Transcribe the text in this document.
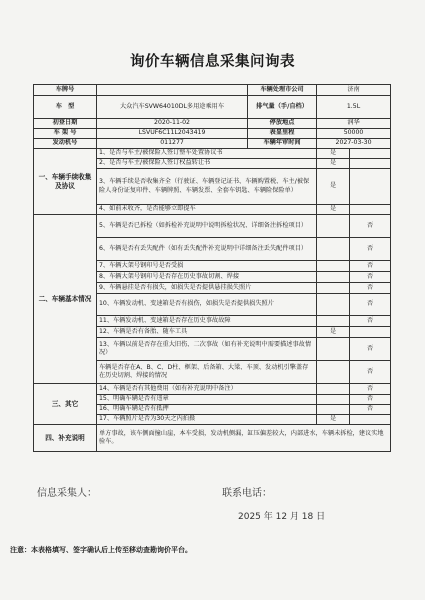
询价车辆信息采集问询表
车牌号		车辆处理市公司	济南	
车　型	大众汽车SVW64010DL多用途乘用车	排气量（手/自档）	1.5L	
初登日期	2020-11-02	停放地点	润华	
车 架 号	LSVUF6C11L2043419	表显里程	50000	
发动机号	011277	车辆年审时间	2027-03-30	
一、车辆手续收集及协议	1、是否与车主/被保险人签订整车处置协议书		是	
	2、是否与车主/被保险人签订权益转让书		是	
	3、车辆手续是否收集齐全（行驶证、车辆登记证书、车辆购置税、车主/被保险人身份证复印件、车辆牌照、车辆发票、全套车钥匙、车辆险保险单）		是	
	4、如前未收齐，是否能够立即提车		是	
二、车辆基本情况	5、车辆是否已拆检（如拆检补充说明中说明拆检状况、详细备注拆检项目）			否
	6、车辆是否有丢失配件（如有丢失配件补充说明中详细备注丢失配件项目）			否
	7、车辆大架号钢印号是否受损			否
	8、车辆大架号钢印号是否存在历史事故切割、焊接			否
	9、车辆悬挂是否有损失，如损失是否提供悬挂损失照片			否
	10、车辆发动机、变速箱是否有损伤，如损失是否提供损失照片			否
	11、车辆发动机、变速箱是否存在历史事故故障			否
	12、车辆是否有备胎、随车工具		是	
	13、车辆以前是否存在重大旧伤、二次事故（如有补充说明中需要描述事故情况）			否
	车辆是否存在A、B、C、D柱、框架、后备箱、大梁、车顶、发动机引擎盖存在历史切割、焊接的情况			否
三、其它	14、车辆是否有其他费用（如有补充说明中备注）			否
	15、明确车辆是否有违章			否
	16、明确车辆是否有抵押			否
	17、车辆照片是否为30天之内拍摄		是	
四、补充说明	单方事故，该车侧面撞山崖，本车受损，发动机侧漏，缸压偏差较大，内部进水，车辆未拆检，建议实地验车。			
信息采集人：	联系电话：
2025 年 12 月 18 日
注意：本表格填写、签字确认后上传至移动查勘询价平台。
